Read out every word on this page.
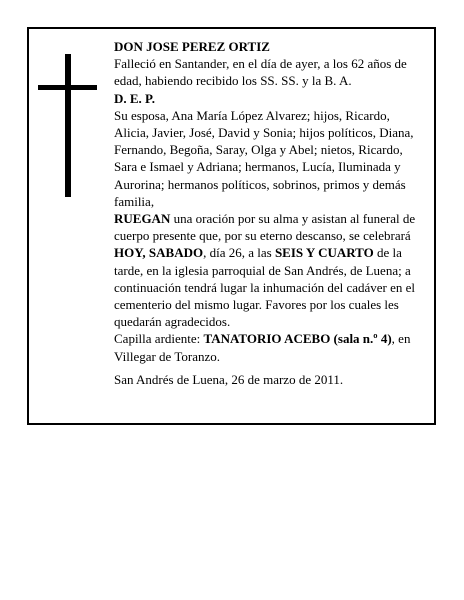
DON JOSE PEREZ ORTIZ

Falleció en Santander, en el día de ayer, a los 62 años de edad, habiendo recibido los SS. SS. y la B. A.

D. E. P.

Su esposa, Ana María López Alvarez; hijos, Ricardo, Alicia, Javier, José, David y Sonia; hijos políticos, Diana, Fernando, Begoña, Saray, Olga y Abel; nietos, Ricardo, Sara e Ismael y Adriana; hermanos, Lucía, Iluminada y Aurorina; hermanos políticos, sobrinos, primos y demás familia,

RUEGAN una oración por su alma y asistan al funeral de cuerpo presente que, por su eterno descanso, se celebrará HOY, SABADO, día 26, a las SEIS Y CUARTO de la tarde, en la iglesia parroquial de San Andrés, de Luena; a continuación tendrá lugar la inhumación del cadáver en el cementerio del mismo lugar. Favores por los cuales les quedarán agradecidos.

Capilla ardiente: TANATORIO ACEBO (sala n.º 4), en Villegar de Toranzo.

San Andrés de Luena, 26 de marzo de 2011.
